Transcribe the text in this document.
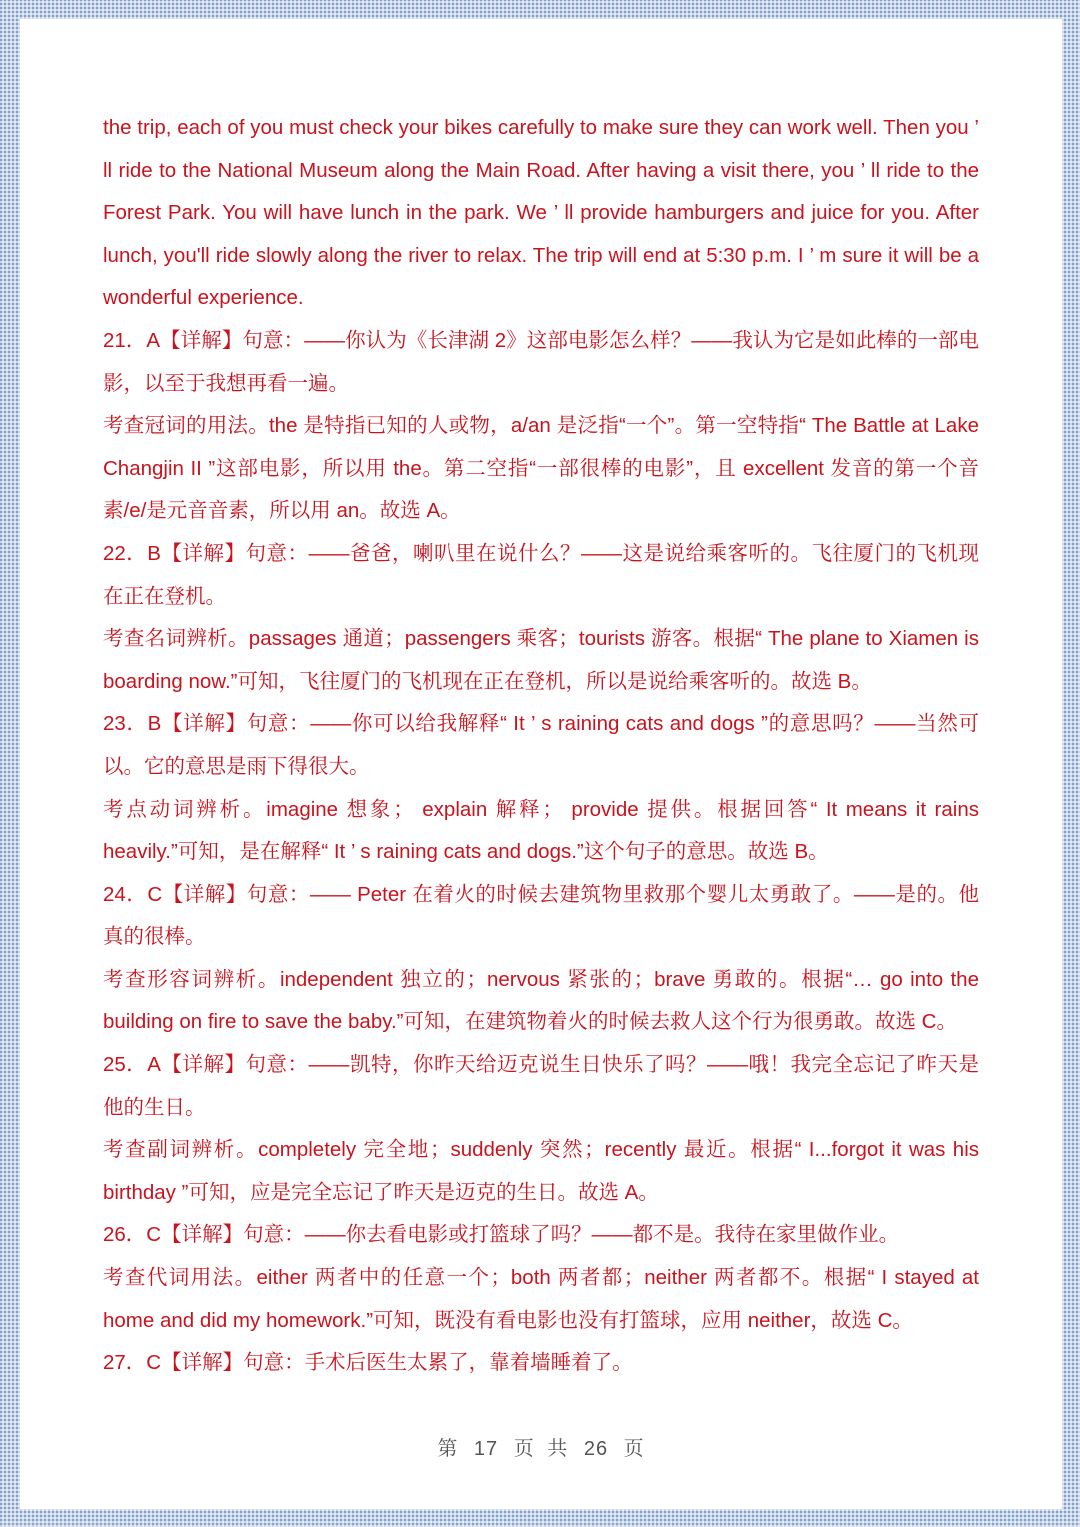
the trip, each of you must check your bikes carefully to make sure they can work well. Then you ’ ll ride to the National Museum along the Main Road. After having a visit there, you ’ ll ride to the Forest Park. You will have lunch in the park. We ’ ll provide hamburgers and juice for you. After lunch, you'll ride slowly along the river to relax. The trip will end at 5:30 p.m. I ’ m sure it will be a wonderful experience.

21．A【详解】句意：——你认为《长津湖 2》这部电影怎么样？——我认为它是如此棒的一部电影，以至于我想再看一遍。

考查冠词的用法。the 是特指已知的人或物，a/an 是泛指“一个”。第一空特指“ The Battle at Lake Changjin II ”这部电影，所以用 the。第二空指“一部很棒的电影”，且 excellent 发音的第一个音素/e/是元音音素，所以用 an。故选 A。

22．B【详解】句意：——爸爸，喇叭里在说什么？——这是说给乘客听的。飞往厦门的飞机现在正在登机。

考查名词辨析。passages 通道；passengers 乘客；tourists 游客。根据“ The plane to Xiamen is boarding now.”可知，飞往厦门的飞机现在正在登机，所以是说给乘客听的。故选 B。

23．B【详解】句意：——你可以给我解释“ It ’ s raining cats and dogs ”的意思吗？——当然可以。它的意思是雨下得很大。

考点动词辨析。imagine 想象； explain 解释； provide 提供。根据回答“ It means it rains heavily.”可知，是在解释“ It ’ s raining cats and dogs.”这个句子的意思。故选 B。

24．C【详解】句意：—— Peter 在着火的时候去建筑物里救那个婴儿太勇敢了。——是的。他真的很棒。

考查形容词辨析。independent 独立的；nervous 紧张的；brave 勇敢的。根据“… go into the building on fire to save the baby.”可知，在建筑物着火的时候去救人这个行为很勇敢。故选 C。

25．A【详解】句意：——凯特，你昨天给迈克说生日快乐了吗？——哦！我完全忘记了昨天是他的生日。

考查副词辨析。completely 完全地；suddenly 突然；recently 最近。根据“ I...forgot it was his birthday ”可知，应是完全忘记了昨天是迈克的生日。故选 A。

26．C【详解】句意：——你去看电影或打篮球了吗？——都不是。我待在家里做作业。

考查代词用法。either 两者中的任意一个；both 两者都；neither 两者都不。根据“ I stayed at home and did my homework.”可知，既没有看电影也没有打篮球，应用 neither，故选 C。

27．C【详解】句意：手术后医生太累了，靠着墙睡着了。

第 17 页 共 26 页
